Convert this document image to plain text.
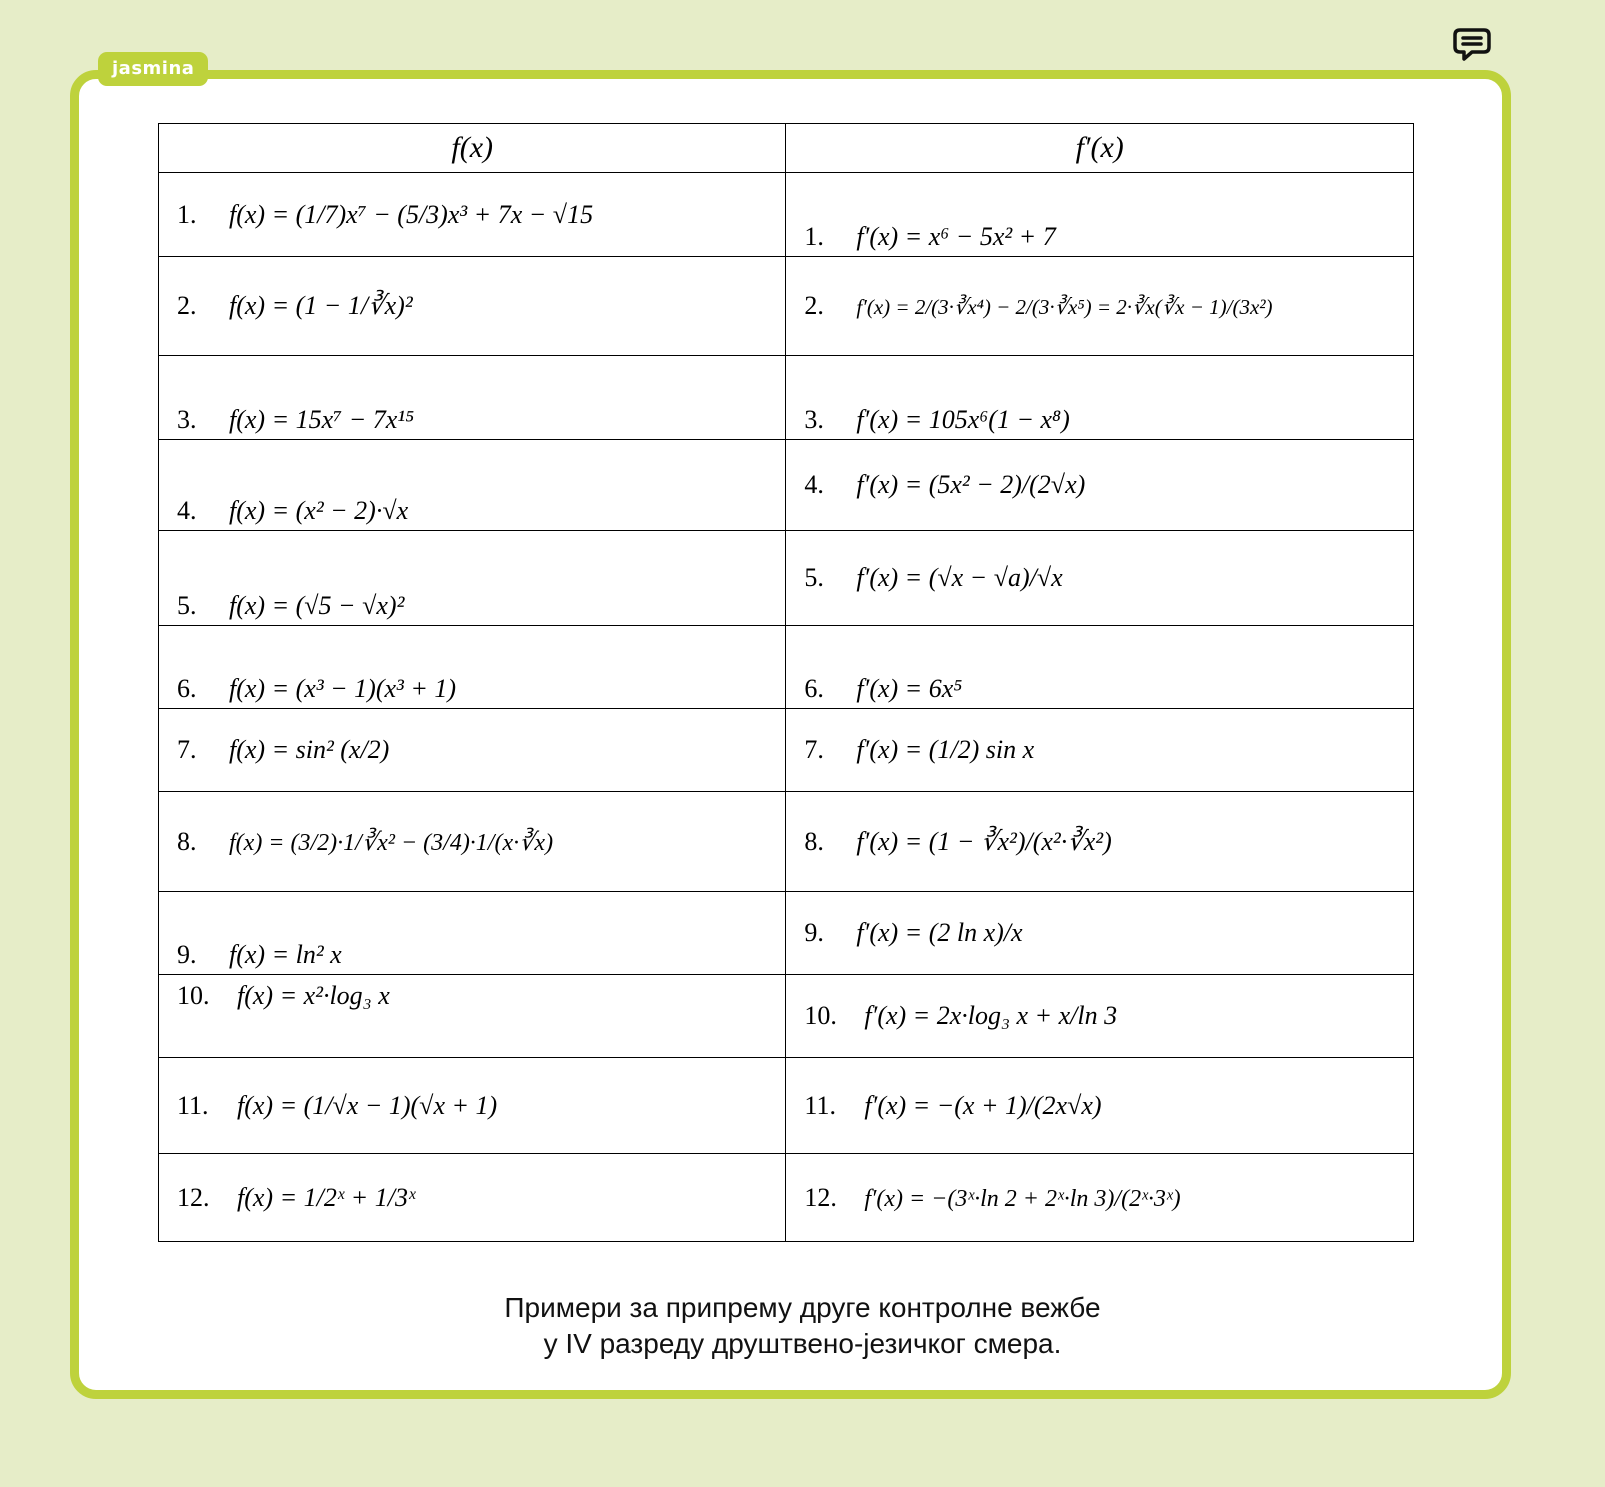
jasmina
f(x)	f′(x)
1. f(x) = (1/7)x⁷ − (5/3)x³ + 7x − √15	1. f′(x) = x⁶ − 5x² + 7
2. f(x) = (1 − 1/∛x)²	2. f′(x) = 2/(3·∛x⁴) − 2/(3·∛x⁵) = 2·∛x(∛x − 1)/(3x²)
3. f(x) = 15x⁷ − 7x¹⁵	3. f′(x) = 105x⁶(1 − x⁸)
4. f(x) = (x² − 2)·√x	4. f′(x) = (5x² − 2)/(2√x)
5. f(x) = (√5 − √x)²	5. f′(x) = (√x − √a)/√x
6. f(x) = (x³ − 1)(x³ + 1)	6. f′(x) = 6x⁵
7. f(x) = sin² (x/2)	7. f′(x) = (1/2) sin x
8. f(x) = (3/2)·1/∛x² − (3/4)·1/(x·∛x)	8. f′(x) = (1 − ∛x²)/(x²·∛x²)
9. f(x) = ln² x	9. f′(x) = (2 ln x)/x
10. f(x) = x²·log₃ x	10. f′(x) = 2x·log₃ x + x/ln 3
11. f(x) = (1/√x − 1)(√x + 1)	11. f′(x) = −(x + 1)/(2x√x)
12. f(x) = 1/2ˣ + 1/3ˣ	12. f′(x) = −(3ˣ·ln 2 + 2ˣ·ln 3)/(2ˣ·3ˣ)
Примери за припрему друге контролне вежбе
у IV разреду друштвено-језичког смера.
